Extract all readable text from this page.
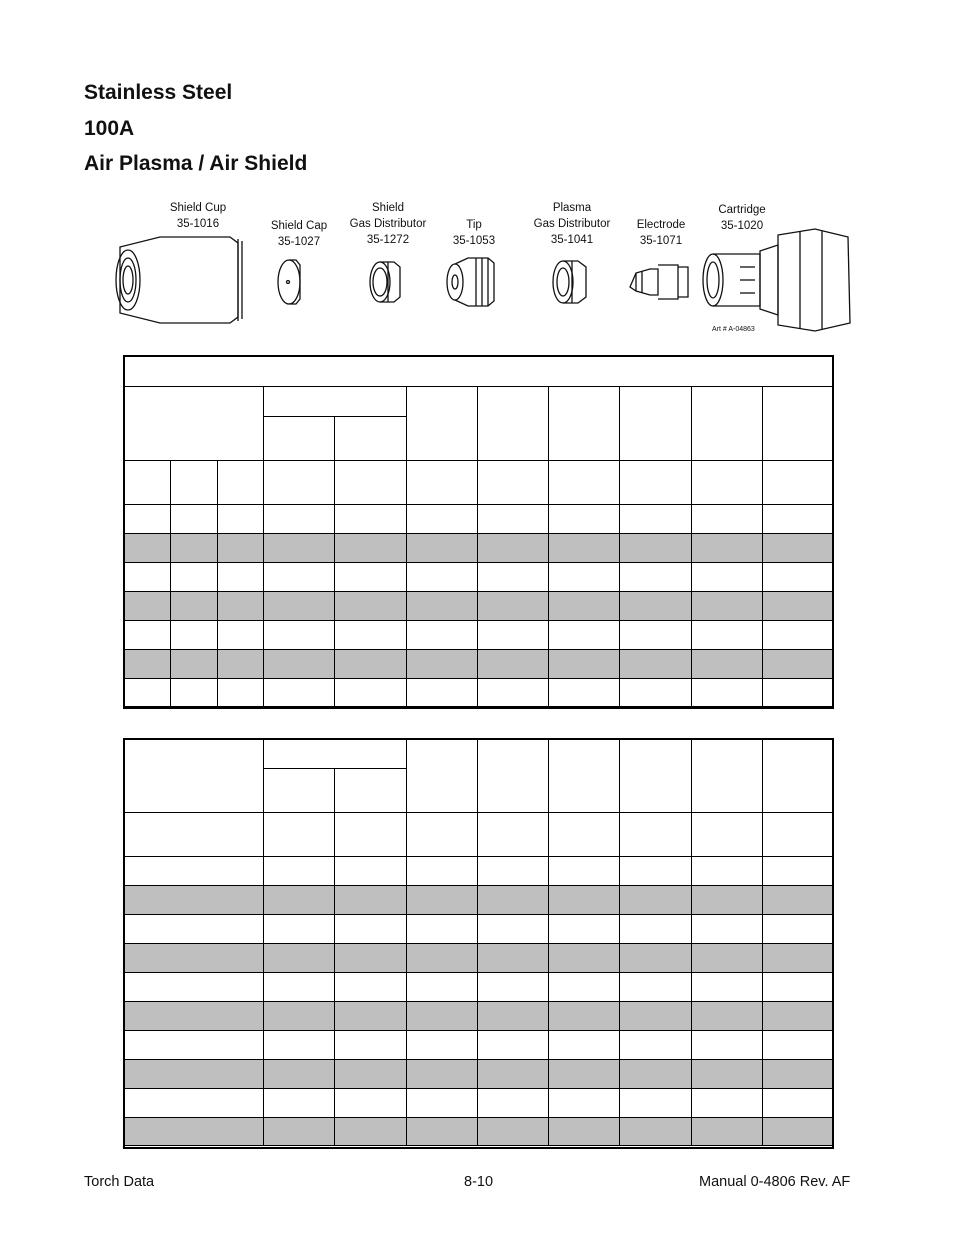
Stainless Steel
100A
Air Plasma / Air Shield
Shield Cup
35-1016	Shield Cap
35-1027
Shield
Gas Distributor
35-1272
Tip
35-1053
Plasma
Gas Distributor
35-1041
Electrode
35-1071
Cartridge
35-1020
Art # A-04863

Torch Data	8-10	Manual 0-4806 Rev. AF
